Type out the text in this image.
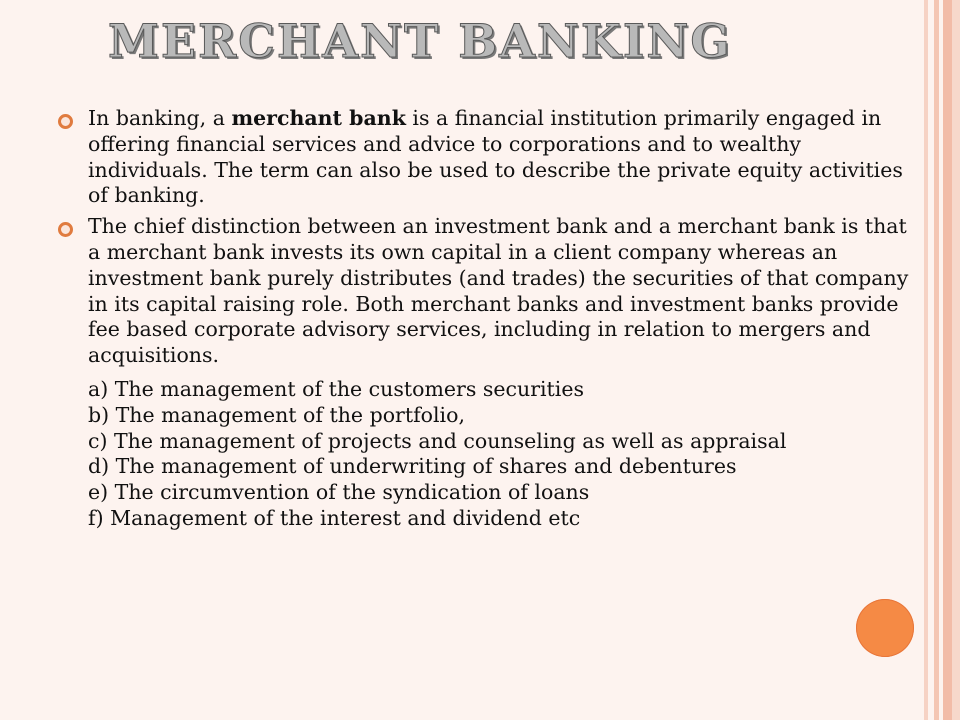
MERCHANT BANKING
In banking, a merchant bank is a financial institution primarily engaged in offering financial services and advice to corporations and to wealthy individuals. The term can also be used to describe the private equity activities of banking.
The chief distinction between an investment bank and a merchant bank is that a merchant bank invests its own capital in a client company whereas an investment bank purely distributes (and trades) the securities of that company in its capital raising role. Both merchant banks and investment banks provide fee based corporate advisory services, including in relation to mergers and acquisitions.
a) The management of the customers securities
b) The management of the portfolio,
c) The management of projects and counseling as well as appraisal
d) The management of underwriting of shares and debentures
e) The circumvention of the syndication of loans
f) Management of the interest and dividend etc
